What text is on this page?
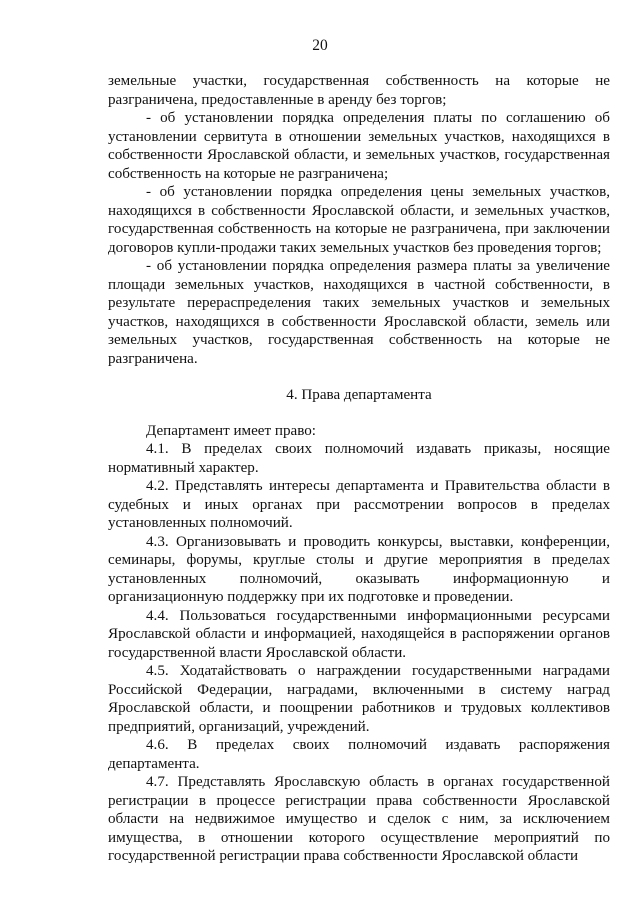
20

земельные участки, государственная собственность на которые не разграничена, предоставленные в аренду без торгов;

- об установлении порядка определения платы по соглашению об установлении сервитута в отношении земельных участков, находящихся в собственности Ярославской области, и земельных участков, государственная собственность на которые не разграничена;

- об установлении порядка определения цены земельных участков, находящихся в собственности Ярославской области, и земельных участков, государственная собственность на которые не разграничена, при заключении договоров купли-продажи таких земельных участков без проведения торгов;

- об установлении порядка определения размера платы за увеличение площади земельных участков, находящихся в частной собственности, в результате перераспределения таких земельных участков и земельных участков, находящихся в собственности Ярославской области, земель или земельных участков, государственная собственность на которые не разграничена.

4. Права департамента

Департамент имеет право:

4.1. В пределах своих полномочий издавать приказы, носящие нормативный характер.

4.2. Представлять интересы департамента и Правительства области в судебных и иных органах при рассмотрении вопросов в пределах установленных полномочий.

4.3. Организовывать и проводить конкурсы, выставки, конференции, семинары, форумы, круглые столы и другие мероприятия в пределах установленных полномочий, оказывать информационную и организационную поддержку при их подготовке и проведении.

4.4. Пользоваться государственными информационными ресурсами Ярославской области и информацией, находящейся в распоряжении органов государственной власти Ярославской области.

4.5. Ходатайствовать о награждении государственными наградами Российской Федерации, наградами, включенными в систему наград Ярославской области, и поощрении работников и трудовых коллективов предприятий, организаций, учреждений.

4.6. В пределах своих полномочий издавать распоряжения департамента.

4.7. Представлять Ярославскую область в органах государственной регистрации в процессе регистрации права собственности Ярославской области на недвижимое имущество и сделок с ним, за исключением имущества, в отношении которого осуществление мероприятий по государственной регистрации права собственности Ярославской области
